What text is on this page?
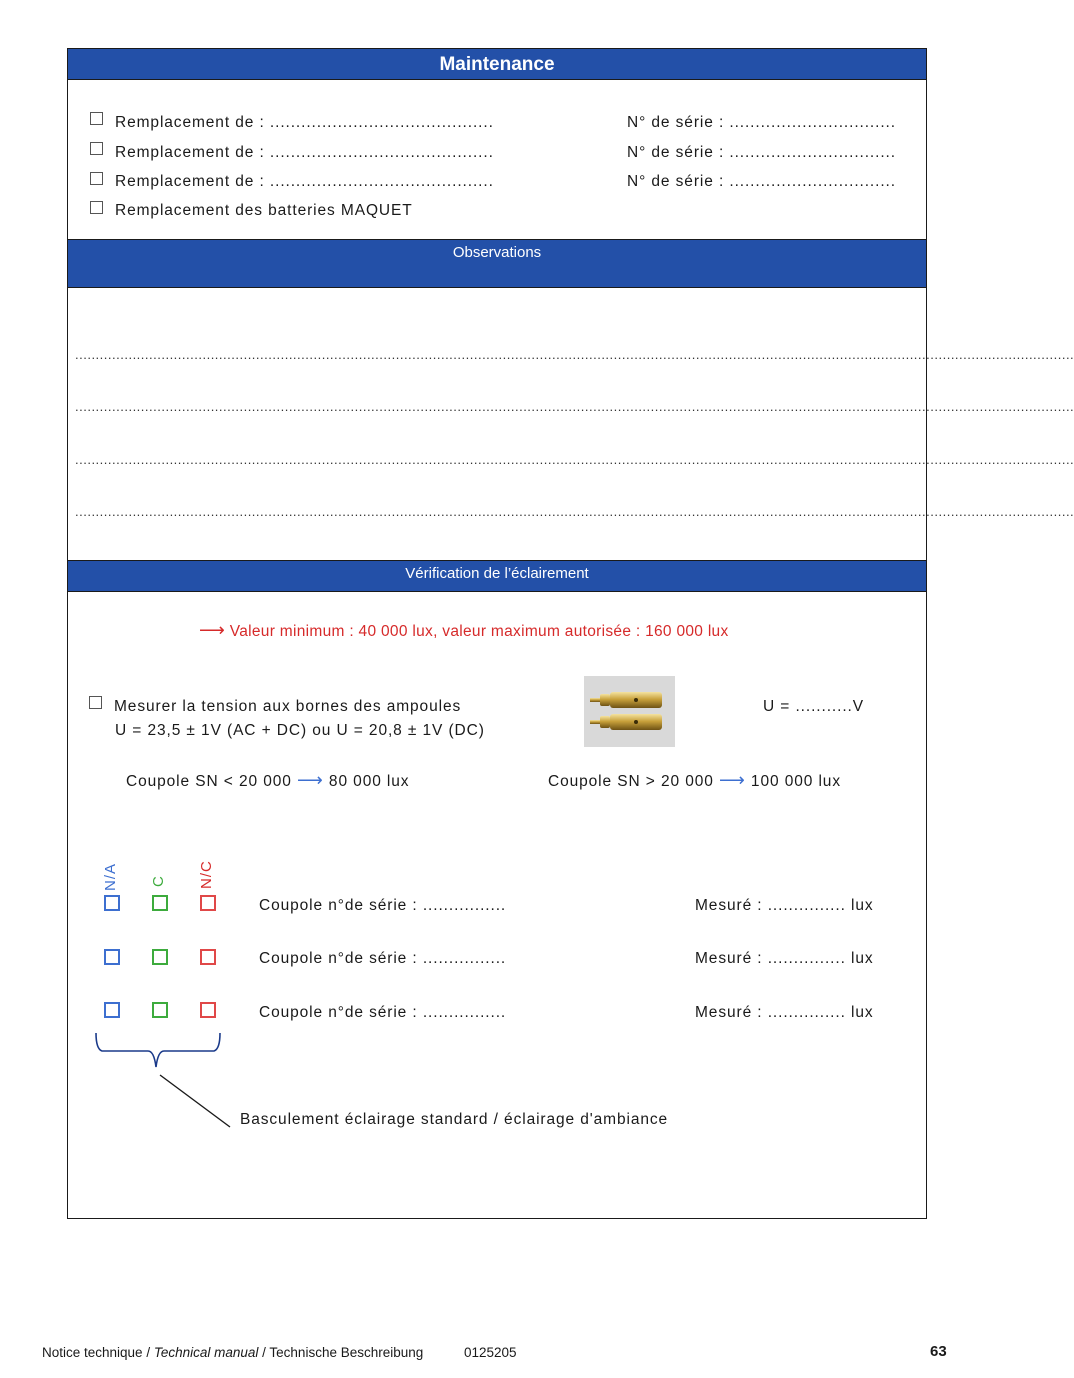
Maintenance
Remplacement de : ...........................................	N° de série : ................................
Remplacement de : ...........................................	N° de série : ................................
Remplacement de : ...........................................	N° de série : ................................
Remplacement des batteries MAQUET
Observations
...................................................................................................................................................................................................................................................
...................................................................................................................................................................................................................................................
...................................................................................................................................................................................................................................................
...................................................................................................................................................................................................................................................
Vérification de l’éclairement
⟶ Valeur minimum : 40 000 lux, valeur maximum autorisée : 160 000 lux
Mesurer la tension aux bornes des ampoules
U = 23,5 ± 1V (AC + DC) ou U = 20,8 ± 1V (DC)
U = ...........V
Coupole SN < 20 000 ⟶ 80 000 lux	Coupole SN > 20 000 ⟶ 100 000 lux
N/A C N/C
Coupole n°de série : ................	Mesuré : ............... lux
Coupole n°de série : ................	Mesuré : ............... lux
Coupole n°de série : ................	Mesuré : ............... lux
Basculement éclairage standard / éclairage d'ambiance
Notice technique / Technical manual / Technische Beschreibung	0125205	63
